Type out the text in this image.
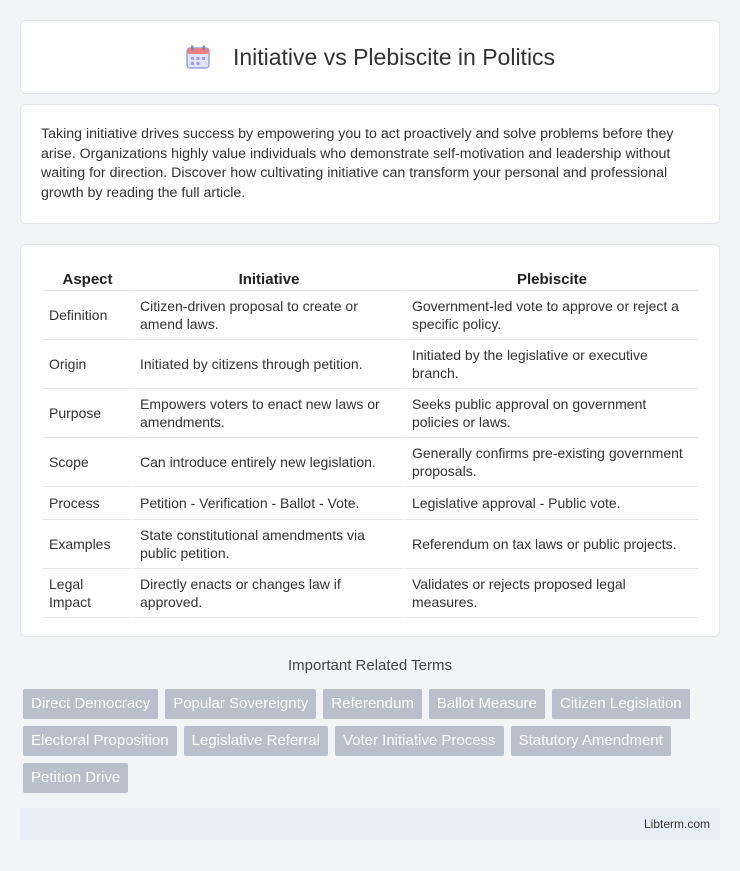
Initiative vs Plebiscite in Politics

Taking initiative drives success by empowering you to act proactively and solve problems before they arise. Organizations highly value individuals who demonstrate self-motivation and leadership without waiting for direction. Discover how cultivating initiative can transform your personal and professional growth by reading the full article.

Aspect	Initiative	Plebiscite
Definition	Citizen-driven proposal to create or amend laws.	Government-led vote to approve or reject a specific policy.
Origin	Initiated by citizens through petition.	Initiated by the legislative or executive branch.
Purpose	Empowers voters to enact new laws or amendments.	Seeks public approval on government policies or laws.
Scope	Can introduce entirely new legislation.	Generally confirms pre-existing government proposals.
Process	Petition - Verification - Ballot - Vote.	Legislative approval - Public vote.
Examples	State constitutional amendments via public petition.	Referendum on tax laws or public projects.
Legal Impact	Directly enacts or changes law if approved.	Validates or rejects proposed legal measures.
Important Related Terms
Direct Democracy	Popular Sovereignty	Referendum	Ballot Measure	Citizen Legislation
Electoral Proposition	Legislative Referral	Voter Initiative Process	Statutory Amendment
Petition Drive
Libterm.com
